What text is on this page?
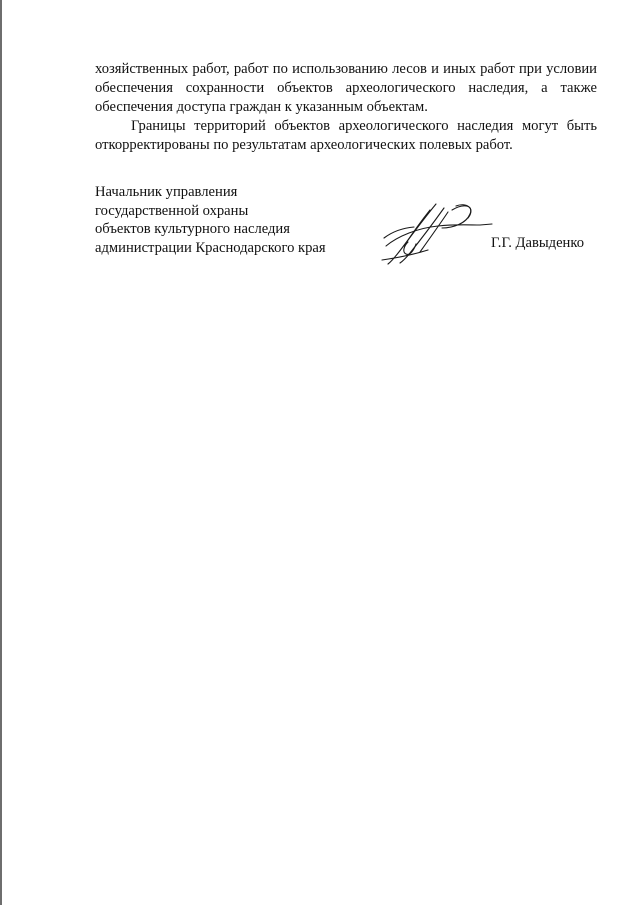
хозяйственных работ, работ по использованию лесов и иных работ при условии обеспечения сохранности объектов археологического наследия, а также обеспечения доступа граждан к указанным объектам.

Границы территорий объектов археологического наследия могут быть откорректированы по результатам археологических полевых работ.

Начальник управления
государственной охраны
объектов культурного наследия
администрации Краснодарского края	Г.Г. Давыденко
